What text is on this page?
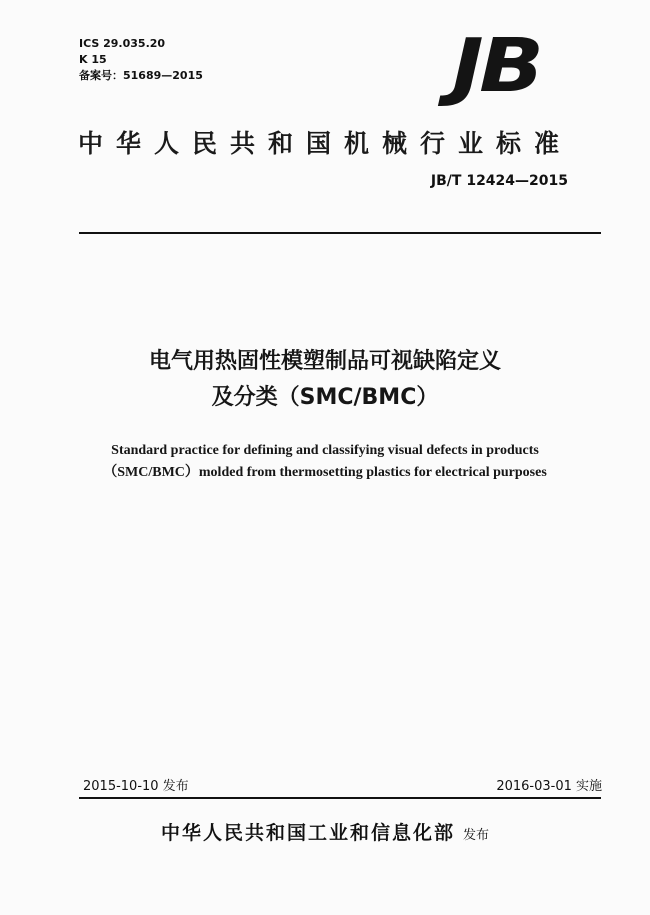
ICS 29.035.20
K 15
备案号：51689—2015	JB
中华人民共和国机械行业标准
JB/T 12424—2015
电气用热固性模塑制品可视缺陷定义
及分类（SMC/BMC）
Standard practice for defining and classifying visual defects in products
（SMC/BMC）molded from thermosetting plastics for electrical purposes
2015-10-10 发布	2016-03-01 实施
中华人民共和国工业和信息化部 发布
